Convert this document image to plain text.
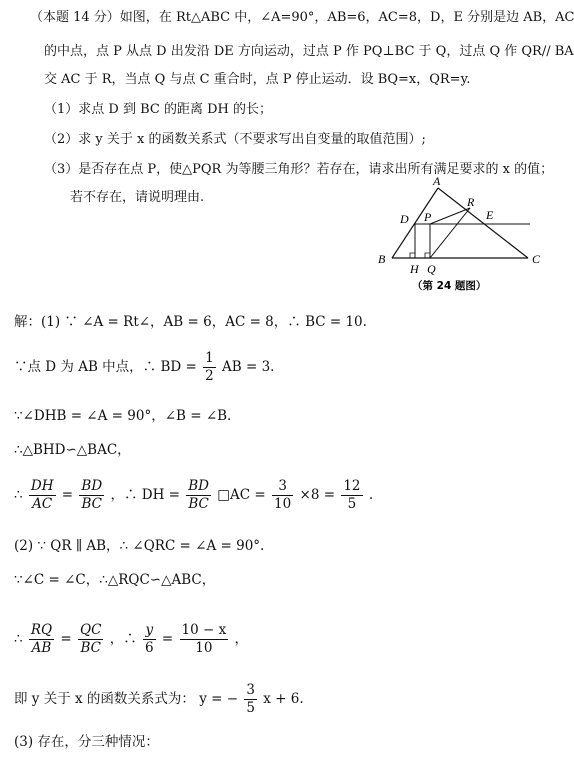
（本题 14 分）如图，在 Rt△ABC 中，∠A=90°，AB=6，AC=8，D，E 分别是边 AB，AC
的中点，点 P 从点 D 出发沿 DE 方向运动，过点 P 作 PQ⊥BC 于 Q，过点 Q 作 QR// BA
交 AC 于 R，当点 Q 与点 C 重合时，点 P 停止运动．设 BQ=x，QR=y.
（1）求点 D 到 BC 的距离 DH 的长；
（2）求 y 关于 x 的函数关系式（不要求写出自变量的取值范围）;
（3）是否存在点 P，使△PQR 为等腰三角形？若存在，请求出所有满足要求的 x 的值；
若不存在，请说明理由.
A
B	C
D P
R
E
H Q
（第 24 题图）
解：(1) ∵ ∠A = Rt∠，AB = 6，AC = 8，∴ BC = 10.
∵点 D 为 AB 中点，∴ BD = $\frac{1}{2}$ AB = 3.
∵∠DHB = ∠A = 90°，∠B = ∠B.
∴△BHD∽△BAC，
∴ $\frac{DH}{AC} = \frac{BD}{BC}$ ，∴ DH = $\frac{BD}{BC}$ □AC = $\frac{3}{10} \times 8 = \frac{12}{5}$ .
(2) ∵ QR ∥ AB，∴ ∠QRC = ∠A = 90°.
∵∠C = ∠C，∴△RQC∽△ABC，
∴ $\frac{RQ}{AB} = \frac{QC}{BC}$ ，∴ $\frac{y}{6} = \frac{10 - x}{10}$ ，
即 y 关于 x 的函数关系式为： y = − $\frac{3}{5}$ x + 6.
(3) 存在，分三种情况：
